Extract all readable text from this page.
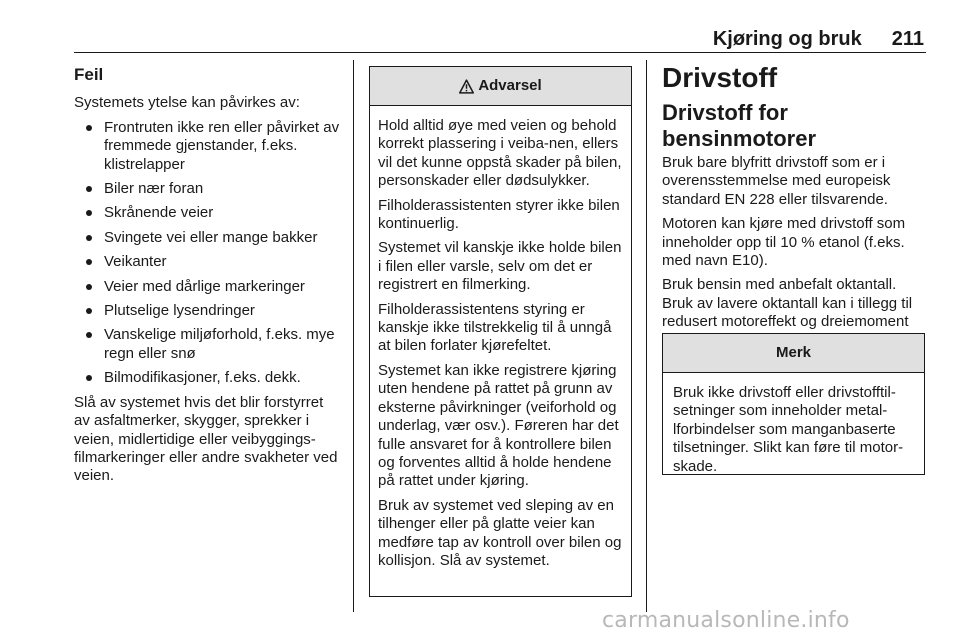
Kjøring og bruk 211
Feil

Systemets ytelse kan påvirkes av:

Frontruten ikke ren eller påvirket av fremmede gjenstander, f.eks. klistrelapper
Biler nær foran
Skrånende veier
Svingete vei eller mange bakker
Veikanter
Veier med dårlige markeringer
Plutselige lysendringer
Vanskelige miljøforhold, f.eks. mye regn eller snø
Bilmodifikasjoner, f.eks. dekk.

Slå av systemet hvis det blir forstyrret av asfaltmerker, skygger, sprekker i veien, midlertidige eller veibyggings-filmarkeringer eller andre svakheter ved veien.

Advarsel

Hold alltid øye med veien og behold korrekt plassering i veiba-nen, ellers vil det kunne oppstå skader på bilen, personskader eller dødsulykker.

Filholderassistenten styrer ikke bilen kontinuerlig.

Systemet vil kanskje ikke holde bilen i filen eller varsle, selv om det er registrert en filmerking.

Filholderassistentens styring er kanskje ikke tilstrekkelig til å unngå at bilen forlater kjørefeltet.

Systemet kan ikke registrere kjøring uten hendene på rattet på grunn av eksterne påvirkninger (veiforhold og underlag, vær osv.). Føreren har det fulle ansvaret for å kontrollere bilen og forventes alltid å holde hendene på rattet under kjøring.

Bruk av systemet ved sleping av en tilhenger eller på glatte veier kan medføre tap av kontroll over bilen og kollisjon. Slå av systemet.

Drivstoff
Drivstoff for bensinmotorer

Bruk bare blyfritt drivstoff som er i overensstemmelse med europeisk standard EN 228 eller tilsvarende.

Motoren kan kjøre med drivstoff som inneholder opp til 10 % etanol (f.eks. med navn E10).

Bruk bensin med anbefalt oktantall. Bruk av lavere oktantall kan i tillegg til redusert motoreffekt og dreiemoment

Merk

Bruk ikke drivstoff eller drivstofftil-setninger som inneholder metal-lforbindelser som manganbaserte tilsetninger. Slikt kan føre til motor-skade.

carmanualsonline.info
